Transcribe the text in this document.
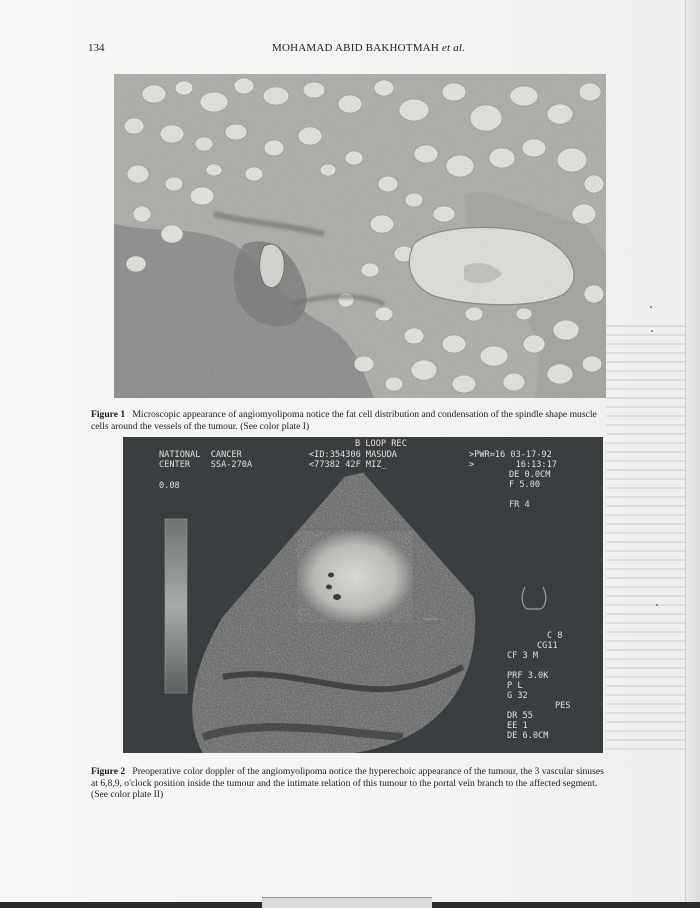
134	MOHAMAD ABID BAKHOTMAH et al.
Figure 1 Microscopic appearance of angiomyolipoma notice the fat cell distribution and condensation of the spindle shape muscle cells around the vessels of the tumour. (See color plate I)
B LOOP REC
NATIONAL  CANCER
CENTER    SSA-270A
<ID:354306 MASUDA
<77382 42F MIZ_
>PWR=16 03-17-92
>        16:13:17
0.08
DE 0.0CM
F 5.00
FR 4
C 8
CG11
CF 3 M
PRF 3.0K
P L
G 32
PES
DR 55
EE 1
DE 6.0CM
Figure 2 Preoperative color doppler of the angiomyolipoma notice the hyperechoic appearance of the tumour, the 3 vascular sinuses at 6,8,9, o'clock position inside the tumour and the intimate relation of this tumour to the portal vein branch to the affected segment. (See color plate II)
